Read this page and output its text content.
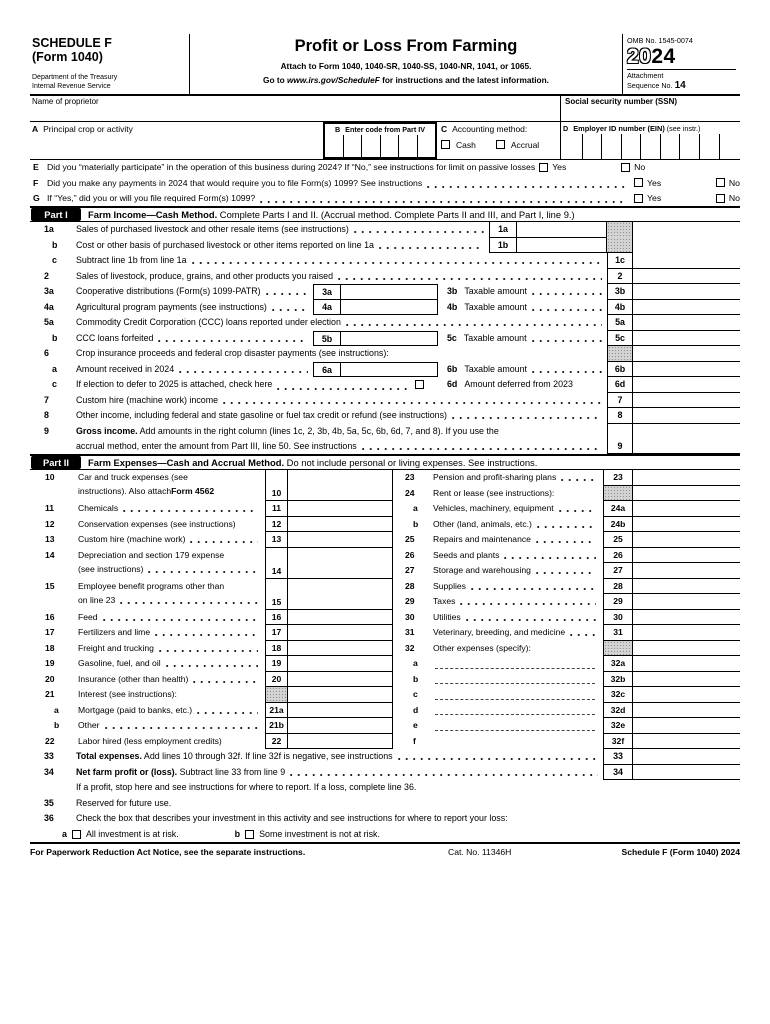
SCHEDULE F
(Form 1040)
Department of the Treasury
Internal Revenue Service
Profit or Loss From Farming
Attach to Form 1040, 1040-SR, 1040-SS, 1040-NR, 1041, or 1065.
Go to www.irs.gov/ScheduleF for instructions and the latest information.
OMB No. 1545-0074
2024
Attachment
Sequence No. 14
Name of proprietor	Social security number (SSN)
A Principal crop or activity	B Enter code from Part IV	C Accounting method:
Cash	Accrual
D Employer ID number (EIN) (see instr.)
E Did you “materially participate” in the operation of this business during 2024? If “No,” see instructions for limit on passive losses Yes	No
F Did you make any payments in 2024 that would require you to file Form(s) 1099? See instructions	Yes	No
G If “Yes,” did you or will you file required Form(s) 1099?	Yes	No
Part I	Farm Income—Cash Method. Complete Parts I and II. (Accrual method. Complete Parts II and III, and Part I, line 9.)
1a	Sales of purchased livestock and other resale items (see instructions)	1a
b	Cost or other basis of purchased livestock or other items reported on line 1a	1b
c	Subtract line 1b from line 1a	1c
2	Sales of livestock, produce, grains, and other products you raised	2
3a	Cooperative distributions (Form(s) 1099-PATR)	3a	3b Taxable amount	3b
4a	Agricultural program payments (see instructions)	4a	4b Taxable amount	4b
5a	Commodity Credit Corporation (CCC) loans reported under election	5a
b	CCC loans forfeited	5b	5c Taxable amount	5c
6	Crop insurance proceeds and federal crop disaster payments (see instructions):
a	Amount received in 2024	6a	6b Taxable amount	6b
c	If election to defer to 2025 is attached, check here	6d Amount deferred from 2023	6d
7	Custom hire (machine work) income	7
8	Other income, including federal and state gasoline or fuel tax credit or refund (see instructions)	8
9	Gross income. Add amounts in the right column (lines 1c, 2, 3b, 4b, 5a, 5c, 6b, 6d, 7, and 8). If you use the
accrual method, enter the amount from Part III, line 50. See instructions	9
Part II	Farm Expenses—Cash and Accrual Method. Do not include personal or living expenses. See instructions.
10	Car and truck expenses (see
instructions). Also attach Form 4562	10
11	Chemicals	11
12	Conservation expenses (see instructions)	12
13	Custom hire (machine work)	13
14	Depreciation and section 179 expense
(see instructions)	14
15	Employee benefit programs other than
on line 23	15
16	Feed	16
17	Fertilizers and lime	17
18	Freight and trucking	18
19	Gasoline, fuel, and oil	19
20	Insurance (other than health)	20
21	Interest (see instructions):
a	Mortgage (paid to banks, etc.)	21a
b	Other	21b
22	Labor hired (less employment credits)	22
23	Pension and profit-sharing plans	23
24	Rent or lease (see instructions):
a	Vehicles, machinery, equipment	24a
b	Other (land, animals, etc.)	24b
25	Repairs and maintenance	25
26	Seeds and plants	26
27	Storage and warehousing	27
28	Supplies	28
29	Taxes	29
30	Utilities	30
31	Veterinary, breeding, and medicine	31
32	Other expenses (specify):
a	32a
b	32b
c	32c
d	32d
e	32e
f	32f
33	Total expenses. Add lines 10 through 32f. If line 32f is negative, see instructions	33
34	Net farm profit or (loss). Subtract line 33 from line 9	34
If a profit, stop here and see instructions for where to report. If a loss, complete line 36.
35	Reserved for future use.
36	Check the box that describes your investment in this activity and see instructions for where to report your loss:
a All investment is at risk.	b Some investment is not at risk.
For Paperwork Reduction Act Notice, see the separate instructions.	Cat. No. 11346H	Schedule F (Form 1040) 2024
